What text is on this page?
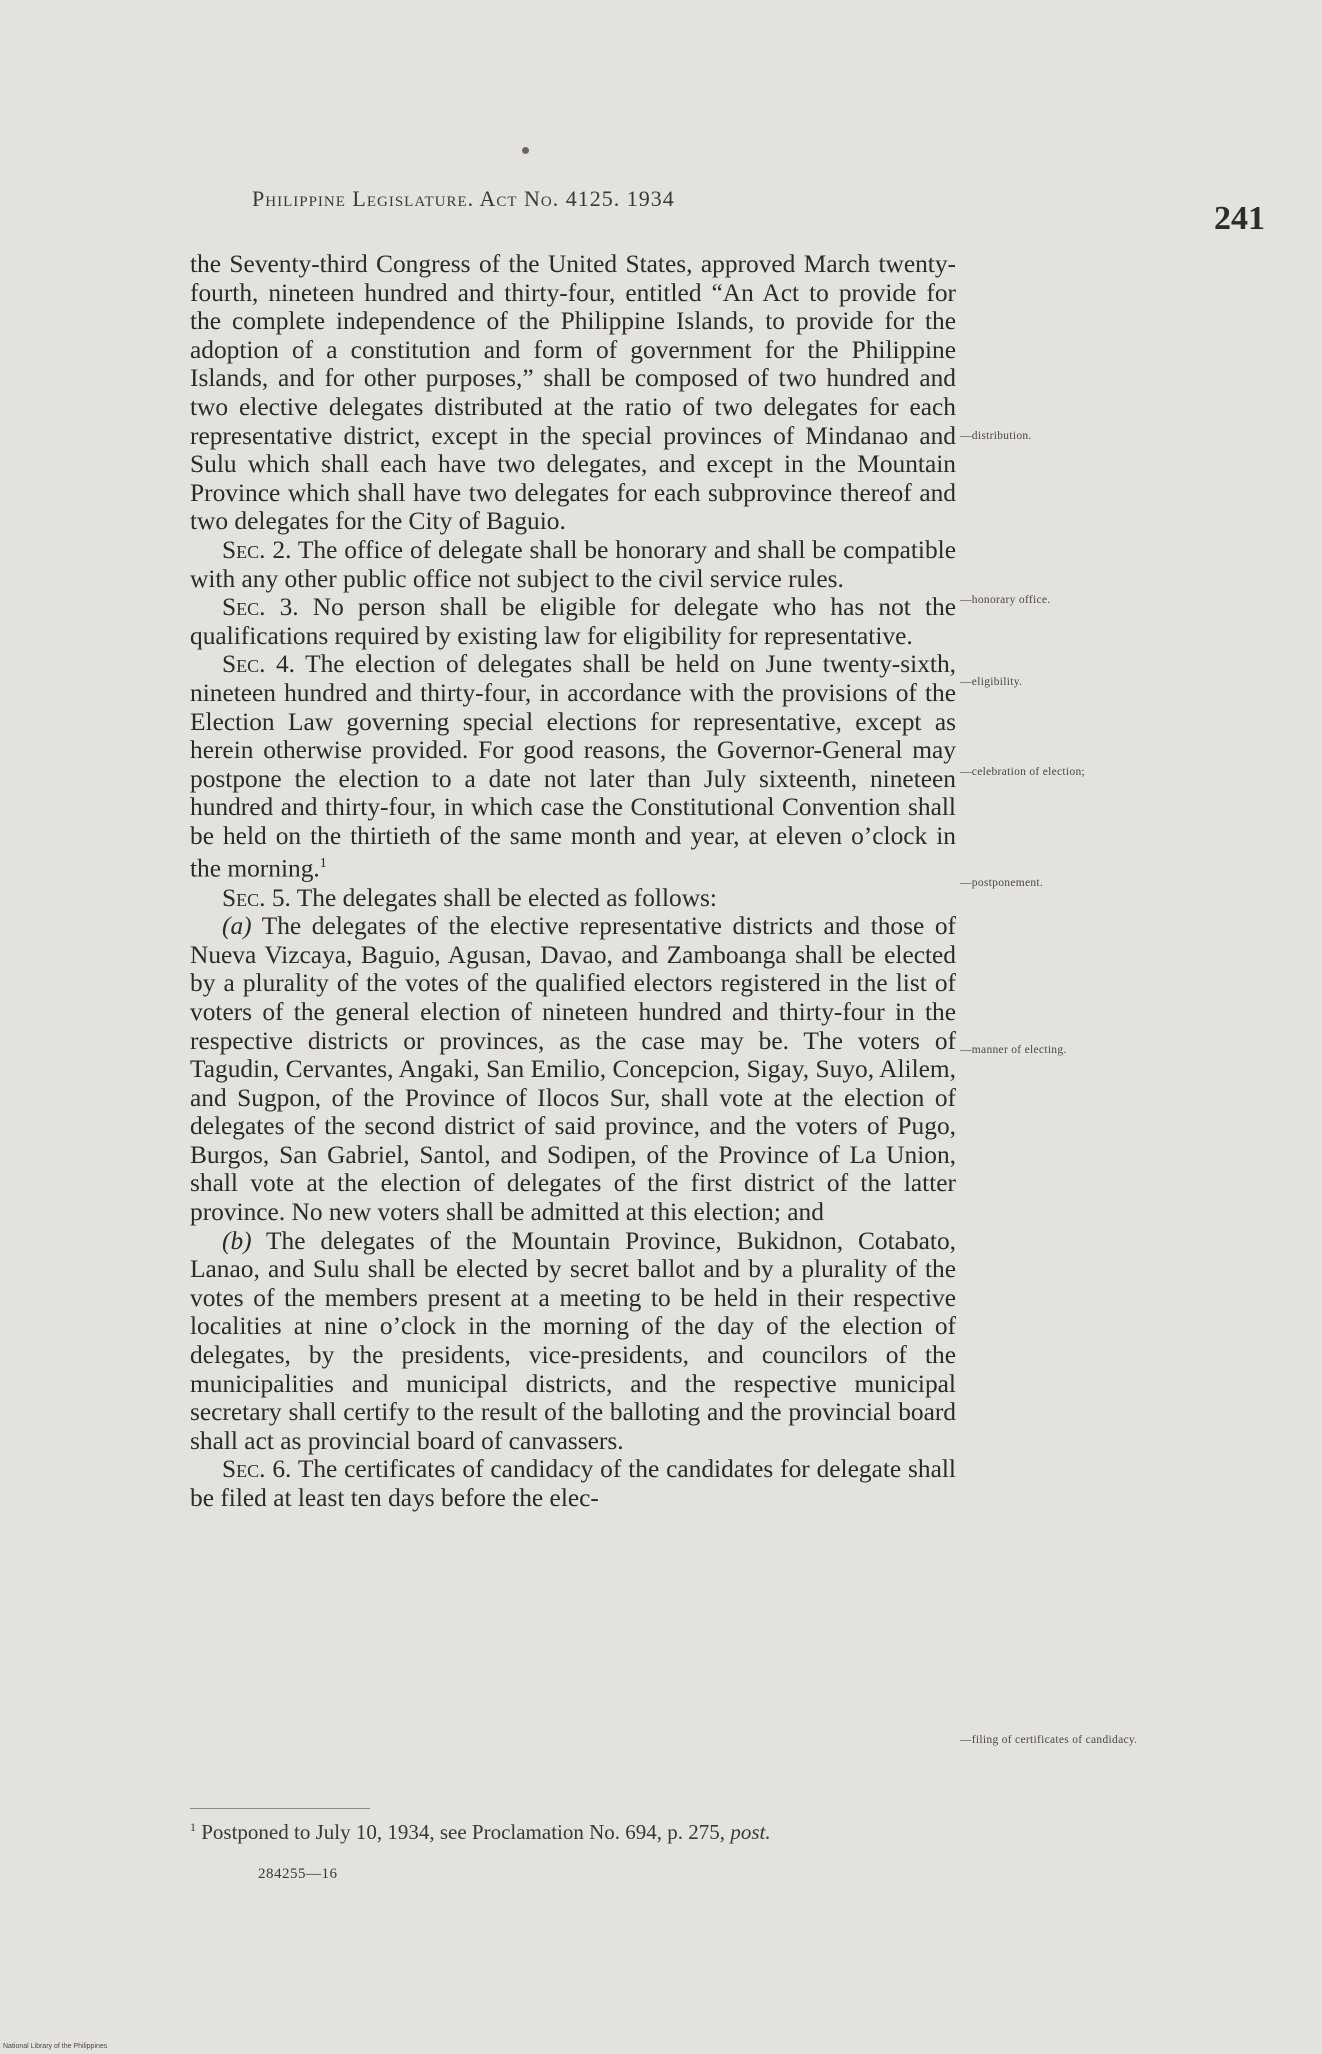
Philippine Legislature. Act No. 4125. 1934
241

the Seventy-third Congress of the United States, approved March twenty-fourth, nineteen hundred and thirty-four, entitled “An Act to provide for the complete independence of the Philippine Islands, to provide for the adoption of a constitution and form of government for the Philippine Islands, and for other purposes,” shall be composed of two hundred and two elective delegates distributed at the ratio of two delegates for each representative district, except in the special provinces of Mindanao and Sulu which shall each have two delegates, and except in the Mountain Province which shall have two delegates for each subprovince thereof and two delegates for the City of Baguio.

Sec. 2. The office of delegate shall be honorary and shall be compatible with any other public office not subject to the civil service rules.

Sec. 3. No person shall be eligible for delegate who has not the qualifications required by existing law for eligibility for representative.

Sec. 4. The election of delegates shall be held on June twenty-sixth, nineteen hundred and thirty-four, in accordance with the provisions of the Election Law governing special elections for representative, except as herein otherwise provided. For good reasons, the Governor-General may postpone the election to a date not later than July sixteenth, nineteen hundred and thirty-four, in which case the Constitutional Convention shall be held on the thirtieth of the same month and year, at eleven o’clock in the morning.$^1$

Sec. 5. The delegates shall be elected as follows:

(a) The delegates of the elective representative districts and those of Nueva Vizcaya, Baguio, Agusan, Davao, and Zamboanga shall be elected by a plurality of the votes of the qualified electors registered in the list of voters of the general election of nineteen hundred and thirty-four in the respective districts or provinces, as the case may be. The voters of Tagudin, Cervantes, Angaki, San Emilio, Concepcion, Sigay, Suyo, Alilem, and Sugpon, of the Province of Ilocos Sur, shall vote at the election of delegates of the second district of said province, and the voters of Pugo, Burgos, San Gabriel, Santol, and Sodipen, of the Province of La Union, shall vote at the election of delegates of the first district of the latter province. No new voters shall be admitted at this election; and

(b) The delegates of the Mountain Province, Bukidnon, Cotabato, Lanao, and Sulu shall be elected by secret ballot and by a plurality of the votes of the members present at a meeting to be held in their respective localities at nine o’clock in the morning of the day of the election of delegates, by the presidents, vice-presidents, and councilors of the municipalities and municipal districts, and the respective municipal secretary shall certify to the result of the balloting and the provincial board shall act as provincial board of canvassers.

Sec. 6. The certificates of candidacy of the candidates for delegate shall be filed at least ten days before the elec-

—distribution.
—honorary office.
—eligibility.
—celebration of election;
—postponement.
—manner of electing.
—filing of certificates of candidacy.
$^1$ Postponed to July 10, 1934, see Proclamation No. 694, p. 275, post.
284255—16
National Library of the Philippines
